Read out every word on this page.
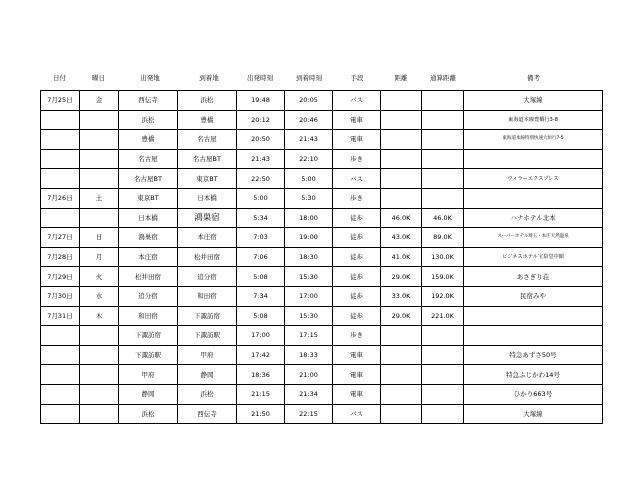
日付	曜日	出発地	到着地	出発時刻	到着時刻	手段	距離	通算距離	備考
7月25日	金	西伝寺	浜松	19:48	20:05	バス			大塚線
		浜松	豊橋	20:12	20:46	電車			東海道本線豊橋行3-8
		豊橋	名古屋	20:50	21:43	電車			東海道本線特別快速大垣行7-5
		名古屋	名古屋BT	21:43	22:10	歩き			
		名古屋BT	東京BT	22:50	5:00	バス			ウィラーエクスプレス
7月26日	土	東京BT	日本橋	5:00	5:30	歩き			
		日本橋	鴻巣宿	5:34	18:00	徒歩	46.0K	46.0K	ハナホテル北本
7月27日	日	鴻巣宿	本庄宿	7:03	19:00	徒歩	43.0K	89.0K	スーパーホテル埼玉・本庄天然温泉
7月28日	月	本庄宿	松井田宿	7:06	18:30	徒歩	41.0K	130.0K	ビジネスホテル宝泉堂中館
7月29日	火	松井田宿	追分宿	5:08	15:30	徒歩	29.0K	159.0K	あさぎり荘
7月30日	水	追分宿	和田宿	7:34	17:00	徒歩	33.0K	192.0K	民宿みや
7月31日	木	和田宿	下諏訪宿	5:08	15:30	徒歩	29.0K	221.0K	
		下諏訪宿	下諏訪駅	17:00	17:15	歩き			
		下諏訪駅	甲府	17:42	18:33	電車			特急あずさ50号
		甲府	静岡	18:36	21:00	電車			特急ふじかわ14号
		静岡	浜松	21:15	21:34	電車			ひかり663号
		浜松	西伝寺	21:50	22:15	バス			大塚線
